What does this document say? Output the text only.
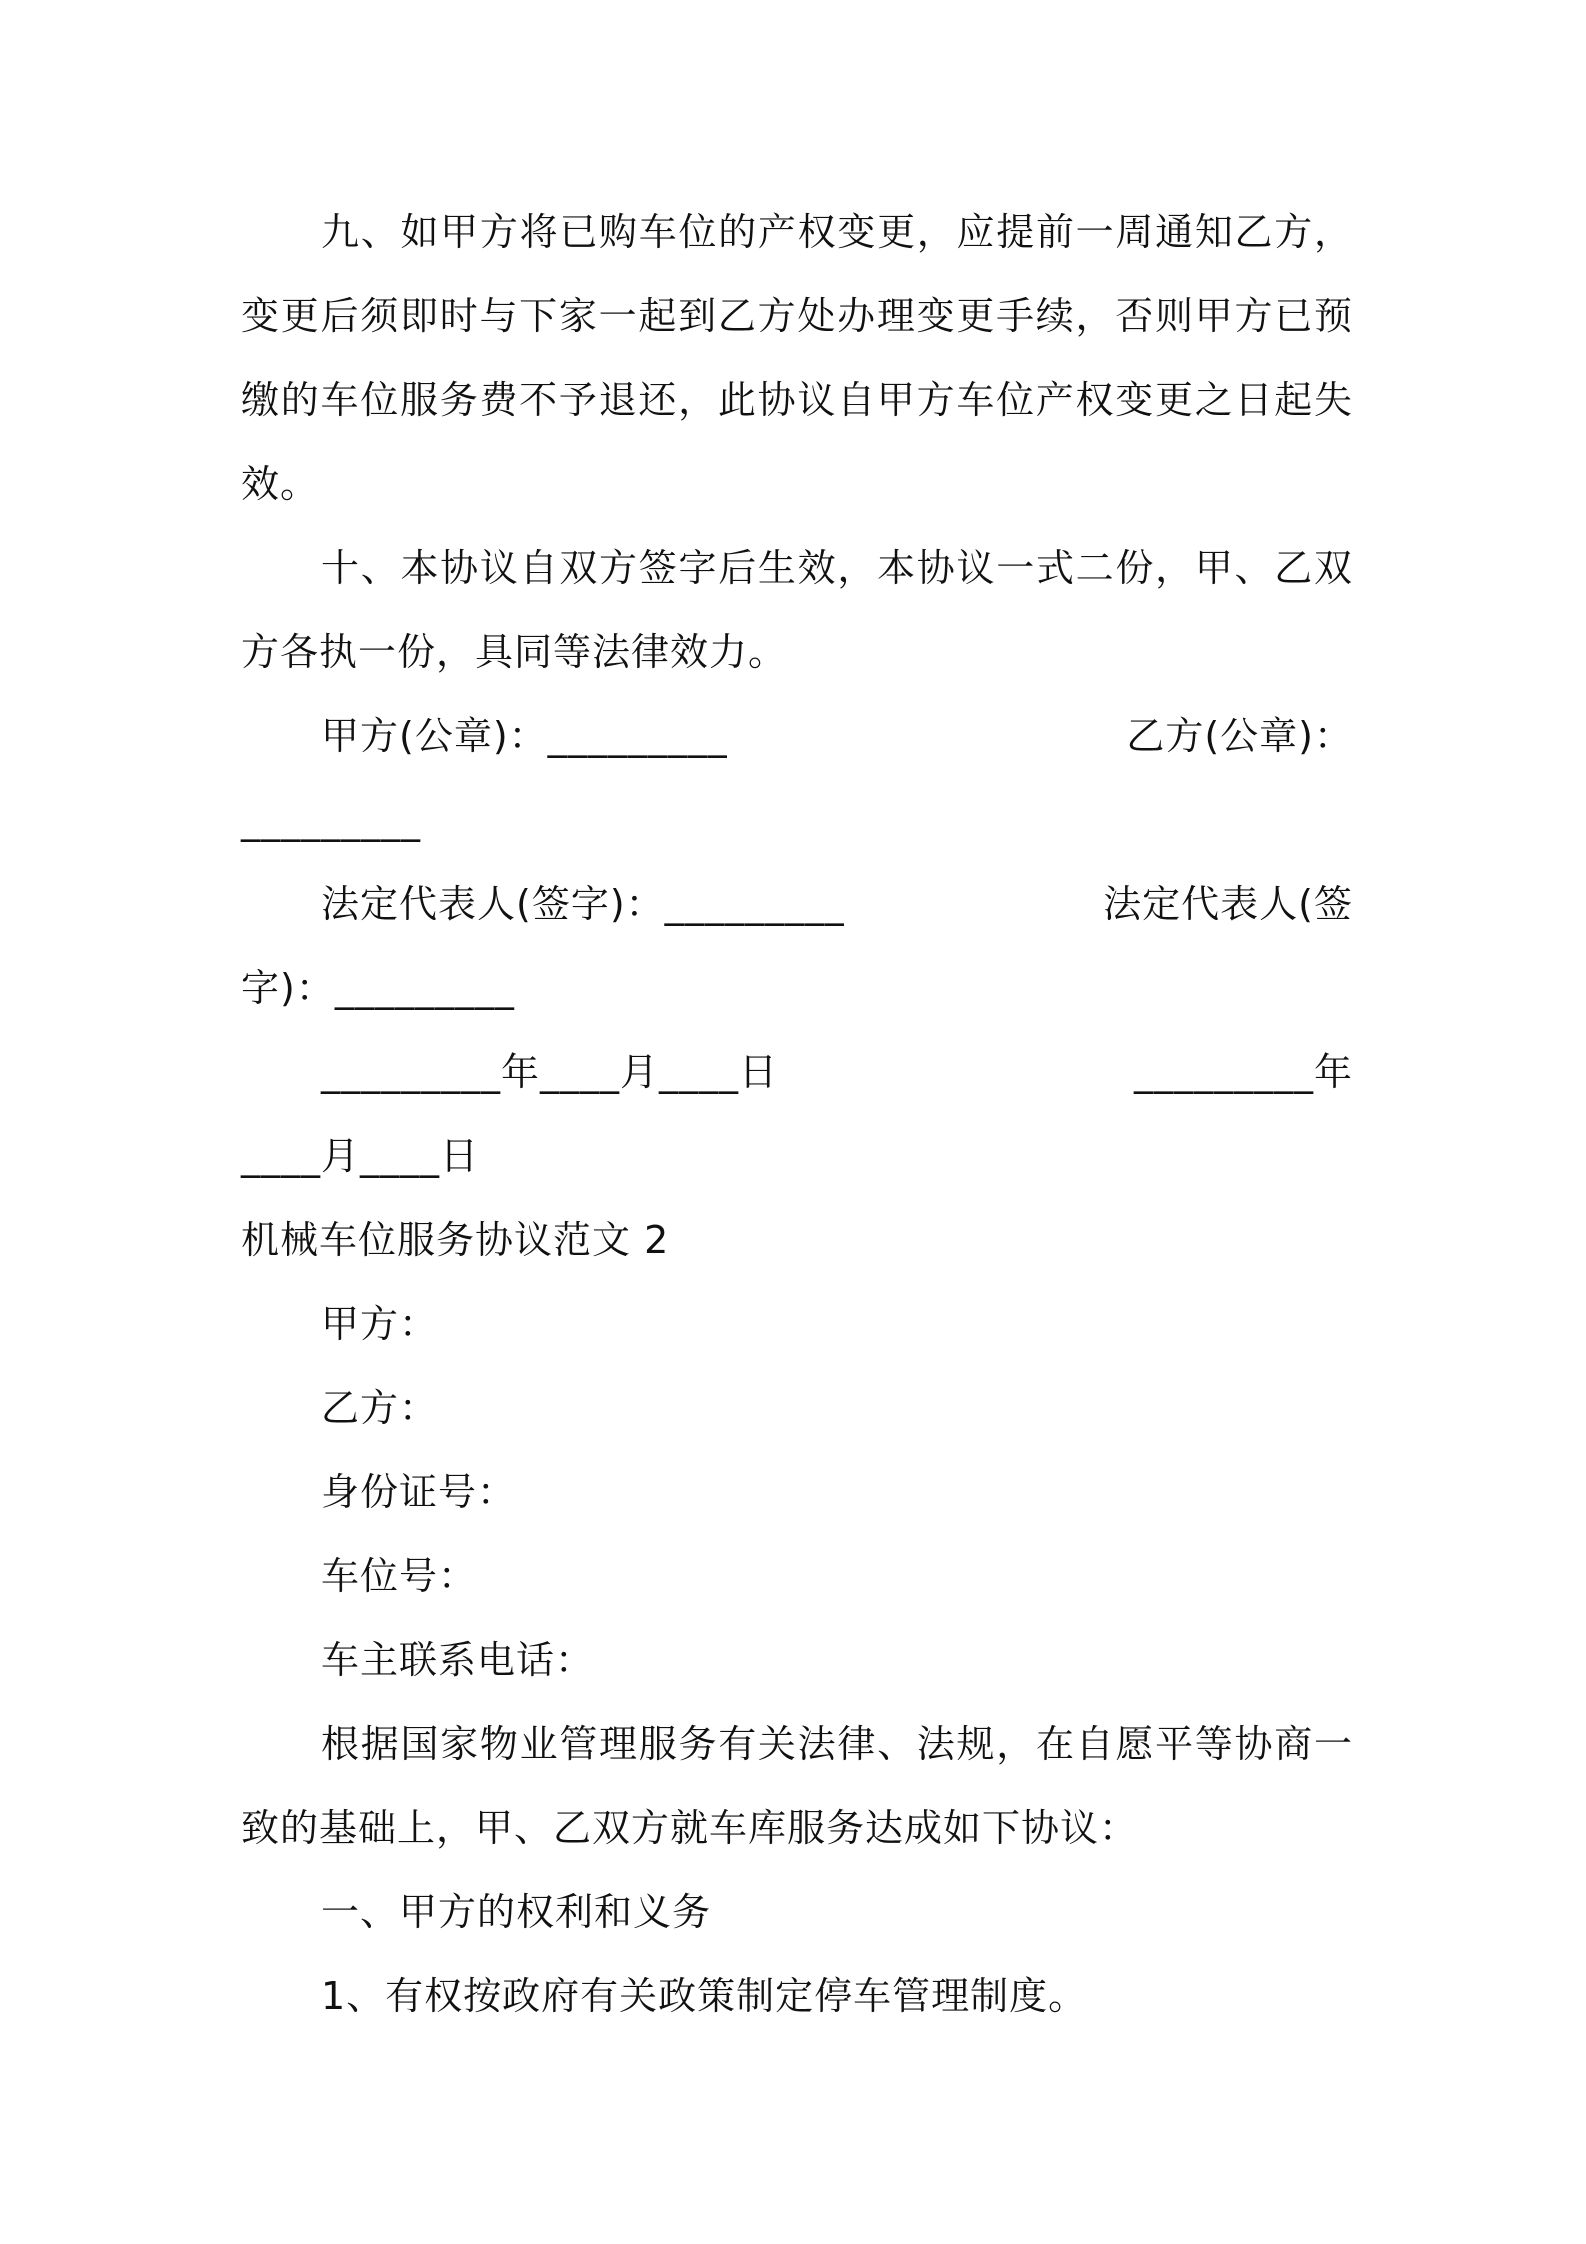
九、如甲方将已购车位的产权变更，应提前一周通知乙方，变更后须即时与下家一起到乙方处办理变更手续，否则甲方已预缴的车位服务费不予退还，此协议自甲方车位产权变更之日起失效。

十、本协议自双方签字后生效，本协议一式二份，甲、乙双方各执一份，具同等法律效力。

甲方(公章)：_________	乙方(公章)：

_________

法定代表人(签字)：_________	法定代表人(签

字)：_________

_________年____月____日	_________年

____月____日

机械车位服务协议范文 2

甲方：

乙方：

身份证号：

车位号：

车主联系电话：

根据国家物业管理服务有关法律、法规，在自愿平等协商一致的基础上，甲、乙双方就车库服务达成如下协议：

一、甲方的权利和义务

1、有权按政府有关政策制定停车管理制度。
